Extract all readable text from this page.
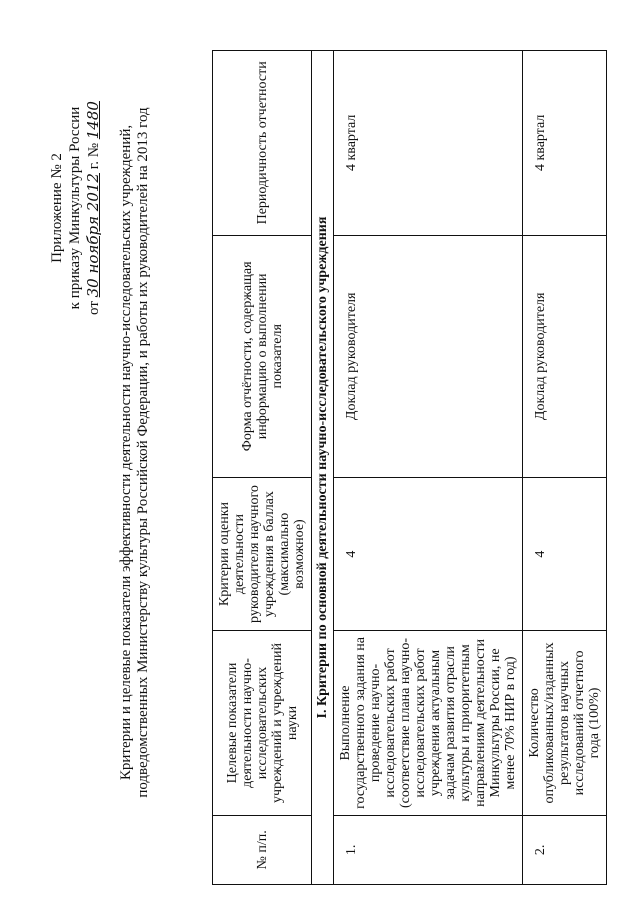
Приложение № 2 к приказу Минкультуры России от 30 ноября 2012 г. № 1480
Критерии и целевые показатели эффективности деятельности научно-исследовательских учреждений, подведомственных Министерству культуры Российской Федерации, и работы их руководителей на 2013 год
№ п/п.	Целевые показатели деятельности научно-исследовательских учреждений и учреждений науки	Критерии оценки деятельности руководителя научного учреждения в баллах (максимально возможное)	Форма отчётности, содержащая информацию о выполнении показателя	Периодичность отчетности
I. Критерии по основной деятельности научно-исследовательского учреждения				
1.	Выполнение государственного задания на проведение научно-исследовательских работ (соответствие плана научно-исследовательских работ учреждения актуальным задачам развития отрасли культуры и приоритетным направлениям деятельности Минкультуры России, не менее 70% НИР в год)	4	Доклад руководителя	4 квартал
2.	Количество опубликованных/изданных результатов научных исследований отчетного года (100%)	4	Доклад руководителя	4 квартал
